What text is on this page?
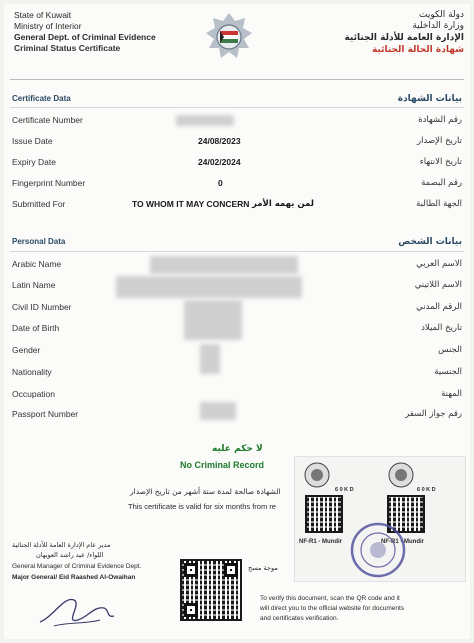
State of Kuwait
Ministry of Interior
General Dept. of Criminal Evidence
Criminal Status Certificate
دولة الكويت
وزارة الداخلية
الإدارة العامة للأدلة الجنائية
شهادة الحالة الجنائية
Certificate Data	بيانات الشهادة
Certificate Number	رقم الشهادة
Issue Date	24/08/2023	تاريخ الإصدار
Expiry Date	24/02/2024	تاريخ الانتهاء
Fingerprint Number	0	رقم البصمة
Submitted For	TO WHOM IT MAY CONCERN لمن يهمه الأمر	الجهة الطالبة
Personal Data	بيانات الشخص
Arabic Name	الاسم العربي
Latin Name	الاسم اللاتيني
Civil ID Number	الرقم المدني
Date of Birth	تاريخ الميلاد
Gender	الجنس
Nationality	الجنسية
Occupation	المهنة
Passport Number	رقم جواز السفر
لا حكم عليه
No Criminal Record
الشهادة صالحة لمدة ستة أشهر من تاريخ الإصدار
This certificate is valid for six months from re
مدير عام الإدارة العامة للأدلة الجنائية
اللواء/ عيد راشد العويهان
General Manager of Criminal Evidence Dept.
Major General/ Eid Raashed Al-Owaihan
موجة مسح
To verify this document, scan the QR code and it
will direct you to the official website for documents
and certificates verification.
6 0 K D	6 0 K D
NF-R1 - Mundir	NF-R1 - Mundir
